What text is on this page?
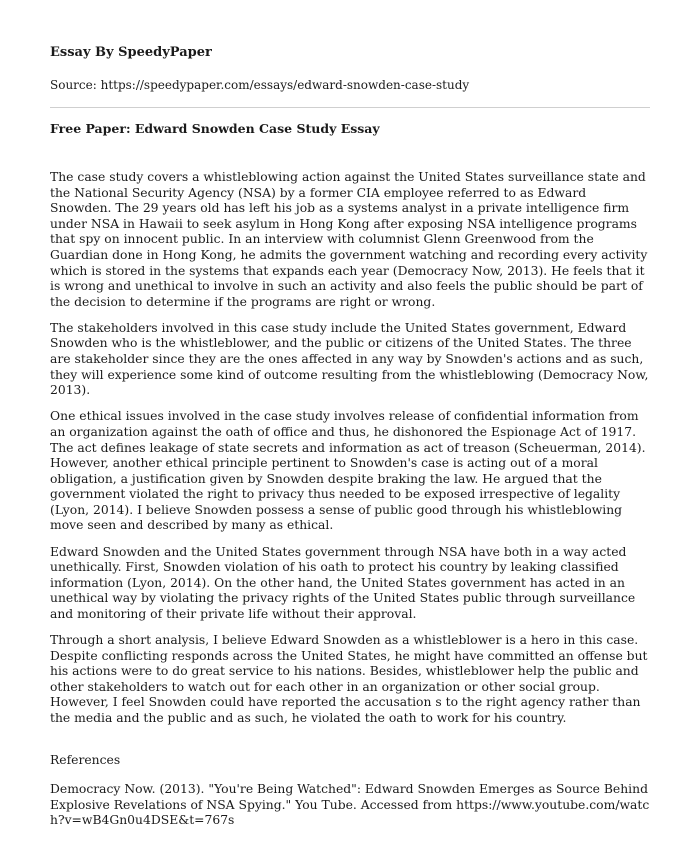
Essay By SpeedyPaper

Source: https://speedypaper.com/essays/edward-snowden-case-study

Free Paper: Edward Snowden Case Study Essay

The case study covers a whistleblowing action against the United States surveillance state and the National Security Agency (NSA) by a former CIA employee referred to as Edward Snowden. The 29 years old has left his job as a systems analyst in a private intelligence firm under NSA in Hawaii to seek asylum in Hong Kong after exposing NSA intelligence programs that spy on innocent public. In an interview with columnist Glenn Greenwood from the Guardian done in Hong Kong, he admits the government watching and recording every activity which is stored in the systems that expands each year (Democracy Now, 2013). He feels that it is wrong and unethical to involve in such an activity and also feels the public should be part of the decision to determine if the programs are right or wrong.

The stakeholders involved in this case study include the United States government, Edward Snowden who is the whistleblower, and the public or citizens of the United States. The three are stakeholder since they are the ones affected in any way by Snowden's actions and as such, they will experience some kind of outcome resulting from the whistleblowing (Democracy Now, 2013).

One ethical issues involved in the case study involves release of confidential information from an organization against the oath of office and thus, he dishonored the Espionage Act of 1917. The act defines leakage of state secrets and information as act of treason (Scheuerman, 2014). However, another ethical principle pertinent to Snowden's case is acting out of a moral obligation, a justification given by Snowden despite braking the law. He argued that the government violated the right to privacy thus needed to be exposed irrespective of legality (Lyon, 2014). I believe Snowden possess a sense of public good through his whistleblowing move seen and described by many as ethical.

Edward Snowden and the United States government through NSA have both in a way acted unethically. First, Snowden violation of his oath to protect his country by leaking classified information (Lyon, 2014). On the other hand, the United States government has acted in an unethical way by violating the privacy rights of the United States public through surveillance and monitoring of their private life without their approval.

Through a short analysis, I believe Edward Snowden as a whistleblower is a hero in this case. Despite conflicting responds across the United States, he might have committed an offense but his actions were to do great service to his nations. Besides, whistleblower help the public and other stakeholders to watch out for each other in an organization or other social group. However, I feel Snowden could have reported the accusation s to the right agency rather than the media and the public and as such, he violated the oath to work for his country.

References

Democracy Now. (2013). "You're Being Watched": Edward Snowden Emerges as Source Behind Explosive Revelations of NSA Spying." You Tube. Accessed from https://www.youtube.com/watch?v=wB4Gn0u4DSE&t=767s
